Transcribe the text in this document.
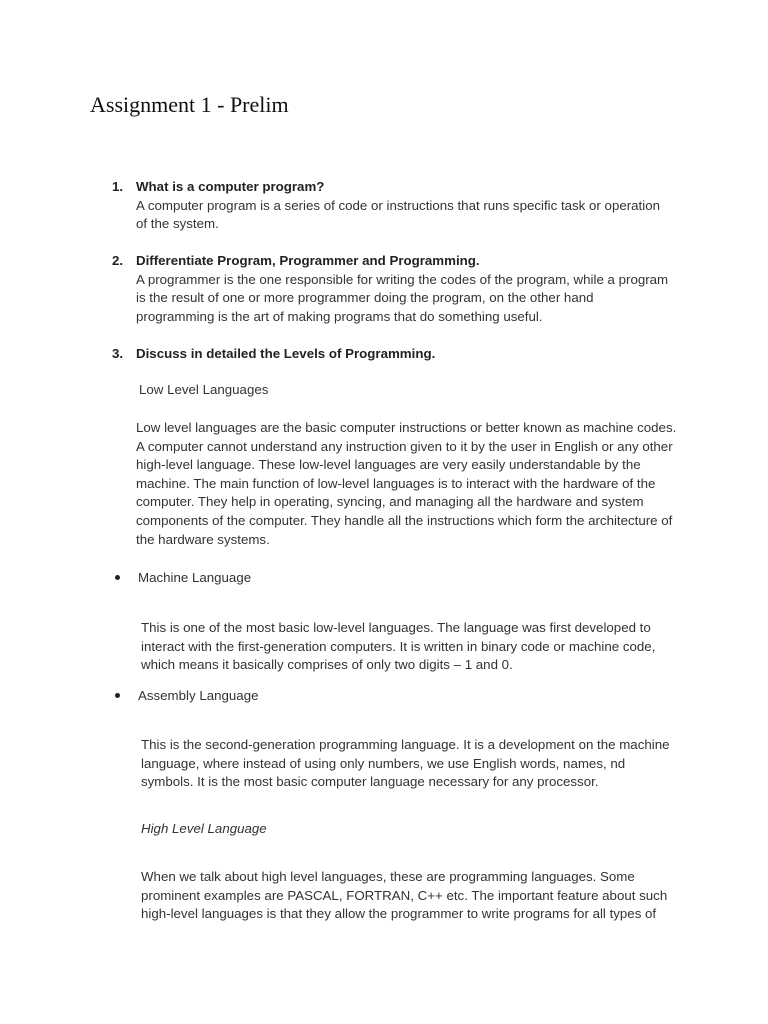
Assignment 1 - Prelim
1. What is a computer program?
A computer program is a series of code or instructions that runs specific task or operation of the system.
2. Differentiate Program, Programmer and Programming.
A programmer is the one responsible for writing the codes of the program, while a program is the result of one or more programmer doing the program, on the other hand programming is the art of making programs that do something useful.
3. Discuss in detailed the Levels of Programming.
Low Level Languages
Low level languages are the basic computer instructions or better known as machine codes. A computer cannot understand any instruction given to it by the user in English or any other high-level language. These low-level languages are very easily understandable by the machine. The main function of low-level languages is to interact with the hardware of the computer. They help in operating, syncing, and managing all the hardware and system components of the computer. They handle all the instructions which form the architecture of the hardware systems.
Machine Language
This is one of the most basic low-level languages. The language was first developed to interact with the first-generation computers. It is written in binary code or machine code, which means it basically comprises of only two digits – 1 and 0.
Assembly Language
This is the second-generation programming language. It is a development on the machine language, where instead of using only numbers, we use English words, names, nd symbols. It is the most basic computer language necessary for any processor.
High Level Language
When we talk about high level languages, these are programming languages. Some prominent examples are PASCAL, FORTRAN, C++ etc. The important feature about such high-level languages is that they allow the programmer to write programs for all types of
